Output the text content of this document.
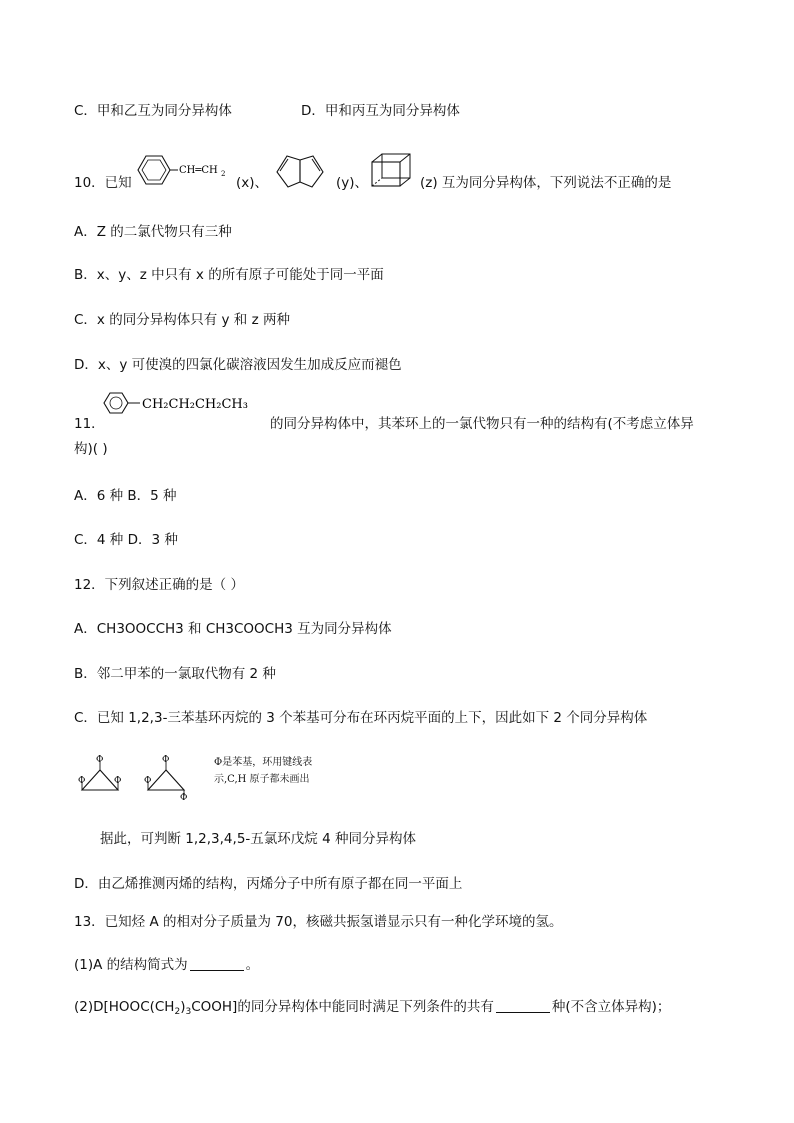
C．甲和乙互为同分异构体	D．甲和丙互为同分异构体
10．已知
CH═CH 2
(x)、	(y)、	(z) 互为同分异构体，下列说法不正确的是
A．Z 的二氯代物只有三种
B．x、y、z 中只有 x 的所有原子可能处于同一平面
C．x 的同分异构体只有 y 和 z 两种
D．x、y 可使溴的四氯化碳溶液因发生加成反应而褪色
CH₂CH₂CH₂CH₃
11．	的同分异构体中，其苯环上的一氯代物只有一种的结构有(不考虑立体异
构)( )
A．6 种 B．5 种
C．4 种 D．3 种
12．下列叙述正确的是（ ）
A．CH3OOCCH3 和 CH3COOCH3 互为同分异构体
B．邻二甲苯的一氯取代物有 2 种
C．已知 1,2,3-三苯基环丙烷的 3 个苯基可分布在环丙烷平面的上下，因此如下 2 个同分异构体
Φ
Φ	Φ
Φ
Φ
Φ
Φ是苯基，环用键线表
示,C,H 原子都未画出
据此，可判断 1,2,3,4,5-五氯环戊烷 4 种同分异构体
D．由乙烯推测丙烯的结构，丙烯分子中所有原子都在同一平面上
13．已知烃 A 的相对分子质量为 70，核磁共振氢谱显示只有一种化学环境的氢。
(1)A 的结构简式为	。
$(2)D[HOOC(CH_2)_3COOH]$的同分异构体中能同时满足下列条件的共有	种(不含立体异构)；
